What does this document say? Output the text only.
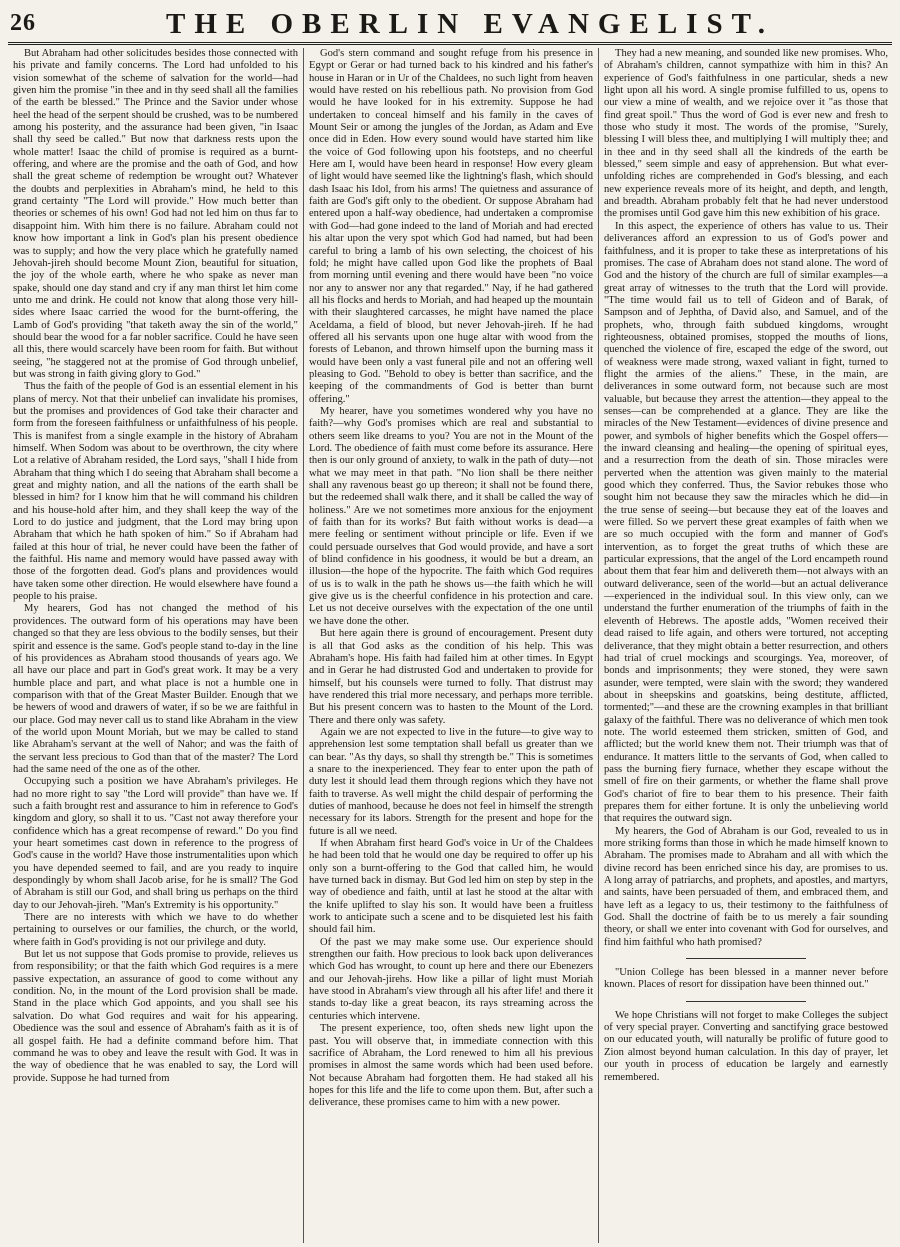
26	THE OBERLIN EVANGELIST.

But Abraham had other solicitudes besides those connected with his private and family concerns. The Lord had unfolded to his vision somewhat of the scheme of salvation for the world—had given him the promise "in thee and in thy seed shall all the families of the earth be blessed." The Prince and the Savior under whose heel the head of the serpent should be crushed, was to be numbered among his posterity, and the assurance had been given, "in Isaac shall thy seed be called." But now that darkness rests upon the whole matter! Isaac the child of promise is required as a burnt-offering, and where are the promise and the oath of God, and how shall the great scheme of redemption be wrought out? Whatever the doubts and perplexities in Abraham's mind, he held to this grand certainty "The Lord will provide." How much better than theories or schemes of his own! God had not led him on thus far to disappoint him. With him there is no failure. Abraham could not know how important a link in God's plan his present obedience was to supply; and how the very place which he gratefully named Jehovah-jireh should become Mount Zion, beautiful for situation, the joy of the whole earth, where he who spake as never man spake, should one day stand and cry if any man thirst let him come unto me and drink. He could not know that along those very hill-sides where Isaac carried the wood for the burnt-offering, the Lamb of God's providing "that taketh away the sin of the world," should bear the wood for a far nobler sacrifice. Could he have seen all this, there would scarcely have been room for faith. But without seeing, "he staggered not at the promise of God through unbelief, but was strong in faith giving glory to God."

Thus the faith of the people of God is an essential element in his plans of mercy. Not that their unbelief can invalidate his promises, but the promises and providences of God take their character and form from the foreseen faithfulness or unfaithfulness of his people. This is manifest from a single example in the history of Abraham himself. When Sodom was about to be overthrown, the city where Lot a relative of Abraham resided, the Lord says, "shall I hide from Abraham that thing which I do seeing that Abraham shall become a great and mighty nation, and all the nations of the earth shall be blessed in him? for I know him that he will command his children and his house-hold after him, and they shall keep the way of the Lord to do justice and judgment, that the Lord may bring upon Abraham that which he hath spoken of him." So if Abraham had failed at this hour of trial, he never could have been the father of the faithful. His name and memory would have passed away with those of the forgotten dead. God's plans and providences would have taken some other direction. He would elsewhere have found a people to his praise.

My hearers, God has not changed the method of his providences. The outward form of his operations may have been changed so that they are less obvious to the bodily senses, but their spirit and essence is the same. God's people stand to-day in the line of his providences as Abraham stood thousands of years ago. We all have our place and part in God's great work. It may be a very humble place and part, and what place is not a humble one in comparison with that of the Great Master Builder. Enough that we be hewers of wood and drawers of water, if so be we are faithful in our place. God may never call us to stand like Abraham in the view of the world upon Mount Moriah, but we may be called to stand like Abraham's servant at the well of Nahor; and was the faith of the servant less precious to God than that of the master? The Lord had the same need of the one as of the other.

Occupying such a position we have Abraham's privileges. He had no more right to say "the Lord will provide" than have we. If such a faith brought rest and assurance to him in reference to God's kingdom and glory, so shall it to us. "Cast not away therefore your confidence which has a great recompense of reward." Do you find your heart sometimes cast down in reference to the progress of God's cause in the world? Have those instrumentalities upon which you have depended seemed to fail, and are you ready to inquire despondingly by whom shall Jacob arise, for he is small? The God of Abraham is still our God, and shall bring us perhaps on the third day to our Jehovah-jireh. "Man's Extremity is his opportunity."

There are no interests with which we have to do whether pertaining to ourselves or our families, the church, or the world, where faith in God's providing is not our privilege and duty.

But let us not suppose that Gods promise to provide, relieves us from responsibility; or that the faith which God requires is a mere passive expectation, an assurance of good to come without any condition. No, in the mount of the Lord provision shall be made. Stand in the place which God appoints, and you shall see his salvation. Do what God requires and wait for his appearing. Obedience was the soul and essence of Abraham's faith as it is of all gospel faith. He had a definite command before him. That command he was to obey and leave the result with God. It was in the way of obedience that he was enabled to say, the Lord will provide. Suppose he had turned from

God's stern command and sought refuge from his presence in Egypt or Gerar or had turned back to his kindred and his father's house in Haran or in Ur of the Chaldees, no such light from heaven would have rested on his rebellious path. No provision from God would he have looked for in his extremity. Suppose he had undertaken to conceal himself and his family in the caves of Mount Seir or among the jungles of the Jordan, as Adam and Eve once did in Eden. How every sound would have started him like the voice of God following upon his footsteps, and no cheerful Here am I, would have been heard in response! How every gleam of light would have seemed like the lightning's flash, which should dash Isaac his Idol, from his arms! The quietness and assurance of faith are God's gift only to the obedient. Or suppose Abraham had entered upon a half-way obedience, had undertaken a compromise with God—had gone indeed to the land of Moriah and had erected his altar upon the very spot which God had named, but had been careful to bring a lamb of his own selecting, the choicest of his fold; he might have called upon God like the prophets of Baal from morning until evening and there would have been "no voice nor any to answer nor any that regarded." Nay, if he had gathered all his flocks and herds to Moriah, and had heaped up the mountain with their slaughtered carcasses, he might have named the place Aceldama, a field of blood, but never Jehovah-jireh. If he had offered all his servants upon one huge altar with wood from the forests of Lebanon, and thrown himself upon the burning mass it would have been only a vast funeral pile and not an offering well pleasing to God. "Behold to obey is better than sacrifice, and the keeping of the commandments of God is better than burnt offering."

My hearer, have you sometimes wondered why you have no faith?—why God's promises which are real and substantial to others seem like dreams to you? You are not in the Mount of the Lord. The obedience of faith must come before its assurance. Here then is our only ground of anxiety, to walk in the path of duty—not what we may meet in that path. "No lion shall be there neither shall any ravenous beast go up thereon; it shall not be found there, but the redeemed shall walk there, and it shall be called the way of holiness." Are we not sometimes more anxious for the enjoyment of faith than for its works? But faith without works is dead—a mere feeling or sentiment without principle or life. Even if we could persuade ourselves that God would provide, and have a sort of blind confidence in his goodness, it would be but a dream, an illusion—the hope of the hypocrite. The faith which God requires of us is to walk in the path he shows us—the faith which he will give give us is the cheerful confidence in his protection and care. Let us not deceive ourselves with the expectation of the one until we have done the other.

But here again there is ground of encouragement. Present duty is all that God asks as the condition of his help. This was Abraham's hope. His faith had failed him at other times. In Egypt and in Gerar he had distrusted God and undertaken to provide for himself, but his counsels were turned to folly. That distrust may have rendered this trial more necessary, and perhaps more terrible. But his present concern was to hasten to the Mount of the Lord. There and there only was safety.

Again we are not expected to live in the future—to give way to apprehension lest some temptation shall befall us greater than we can bear. "As thy days, so shall thy strength be." This is sometimes a snare to the inexperienced. They fear to enter upon the path of duty lest it should lead them through regions which they have not faith to traverse. As well might the child despair of performing the duties of manhood, because he does not feel in himself the strength necessary for its labors. Strength for the present and hope for the future is all we need.

If when Abraham first heard God's voice in Ur of the Chaldees he had been told that he would one day be required to offer up his only son a burnt-offering to the God that called him, he would have turned back in dismay. But God led him on step by step in the way of obedience and faith, until at last he stood at the altar with the knife uplifted to slay his son. It would have been a fruitless work to anticipate such a scene and to be disquieted lest his faith should fail him.

Of the past we may make some use. Our experience should strengthen our faith. How precious to look back upon deliverances which God has wrought, to count up here and there our Ebenezers and our Jehovah-jirehs. How like a pillar of light must Moriah have stood in Abraham's view through all his after life! and there it stands to-day like a great beacon, its rays streaming across the centuries which intervene.

The present experience, too, often sheds new light upon the past. You will observe that, in immediate connection with this sacrifice of Abraham, the Lord renewed to him all his previous promises in almost the same words which had been used before. Not because Abraham had forgotten them. He had staked all his hopes for this life and the life to come upon them. But, after such a deliverance, these promises came to him with a new power.

They had a new meaning, and sounded like new promises. Who, of Abraham's children, cannot sympathize with him in this? An experience of God's faithfulness in one particular, sheds a new light upon all his word. A single promise fulfilled to us, opens to our view a mine of wealth, and we rejoice over it "as those that find great spoil." Thus the word of God is ever new and fresh to those who study it most. The words of the promise, "Surely, blessing I will bless thee, and multiplying I will multiply thee; and in thee and in thy seed shall all the kindreds of the earth be blessed," seem simple and easy of apprehension. But what ever-unfolding riches are comprehended in God's blessing, and each new experience reveals more of its height, and depth, and length, and breadth. Abraham probably felt that he had never understood the promises until God gave him this new exhibition of his grace.

In this aspect, the experience of others has value to us. Their deliverances afford an expression to us of God's power and faithfulness, and it is proper to take these as interpretations of his promises. The case of Abraham does not stand alone. The word of God and the history of the church are full of similar examples—a great array of witnesses to the truth that the Lord will provide. "The time would fail us to tell of Gideon and of Barak, of Sampson and of Jephtha, of David also, and Samuel, and of the prophets, who, through faith subdued kingdoms, wrought righteousness, obtained promises, stopped the mouths of lions, quenched the violence of fire, escaped the edge of the sword, out of weakness were made strong, waxed valiant in fight, turned to flight the armies of the aliens." These, in the main, are deliverances in some outward form, not because such are most valuable, but because they arrest the attention—they appeal to the senses—can be comprehended at a glance. They are like the miracles of the New Testament—evidences of divine presence and power, and symbols of higher benefits which the Gospel offers—the inward cleansing and healing—the opening of spiritual eyes, and a resurrection from the death of sin. Those miracles were perverted when the attention was given mainly to the material good which they conferred. Thus, the Savior rebukes those who sought him not because they saw the miracles which he did—in the true sense of seeing—but because they eat of the loaves and were filled. So we pervert these great examples of faith when we are so much occupied with the form and manner of God's intervention, as to forget the great truths of which these are particular expressions, that the angel of the Lord encampeth round about them that fear him and delivereth them—not always with an outward deliverance, seen of the world—but an actual deliverance—experienced in the individual soul. In this view only, can we understand the further enumeration of the triumphs of faith in the eleventh of Hebrews. The apostle adds, "Women received their dead raised to life again, and others were tortured, not accepting deliverance, that they might obtain a better resurrection, and others had trial of cruel mockings and scourgings. Yea, moreover, of bonds and imprisonments; they were stoned, they were sawn asunder, were tempted, were slain with the sword; they wandered about in sheepskins and goatskins, being destitute, afflicted, tormented;"—and these are the crowning examples in that brilliant galaxy of the faithful. There was no deliverance of which men took note. The world esteemed them stricken, smitten of God, and afflicted; but the world knew them not. Their triumph was that of endurance. It matters little to the servants of God, when called to pass the burning fiery furnace, whether they escape without the smell of fire on their garments, or whether the flame shall prove God's chariot of fire to bear them to his presence. Their faith prepares them for either fortune. It is only the unbelieving world that requires the outward sign.

My hearers, the God of Abraham is our God, revealed to us in more striking forms than those in which he made himself known to Abraham. The promises made to Abraham and all with which the divine record has been enriched since his day, are promises to us. A long array of patriarchs, and prophets, and apostles, and martyrs, and saints, have been persuaded of them, and embraced them, and have left as a legacy to us, their testimony to the faithfulness of God. Shall the doctrine of faith be to us merely a fair sounding theory, or shall we enter into covenant with God for ourselves, and find him faithful who hath promised?

"Union College has been blessed in a manner never before known. Places of resort for dissipation have been thinned out."

We hope Christians will not forget to make Colleges the subject of very special prayer. Converting and sanctifying grace bestowed on our educated youth, will naturally be prolific of future good to Zion almost beyond human calculation. In this day of prayer, let our youth in process of education be largely and earnestly remembered.
